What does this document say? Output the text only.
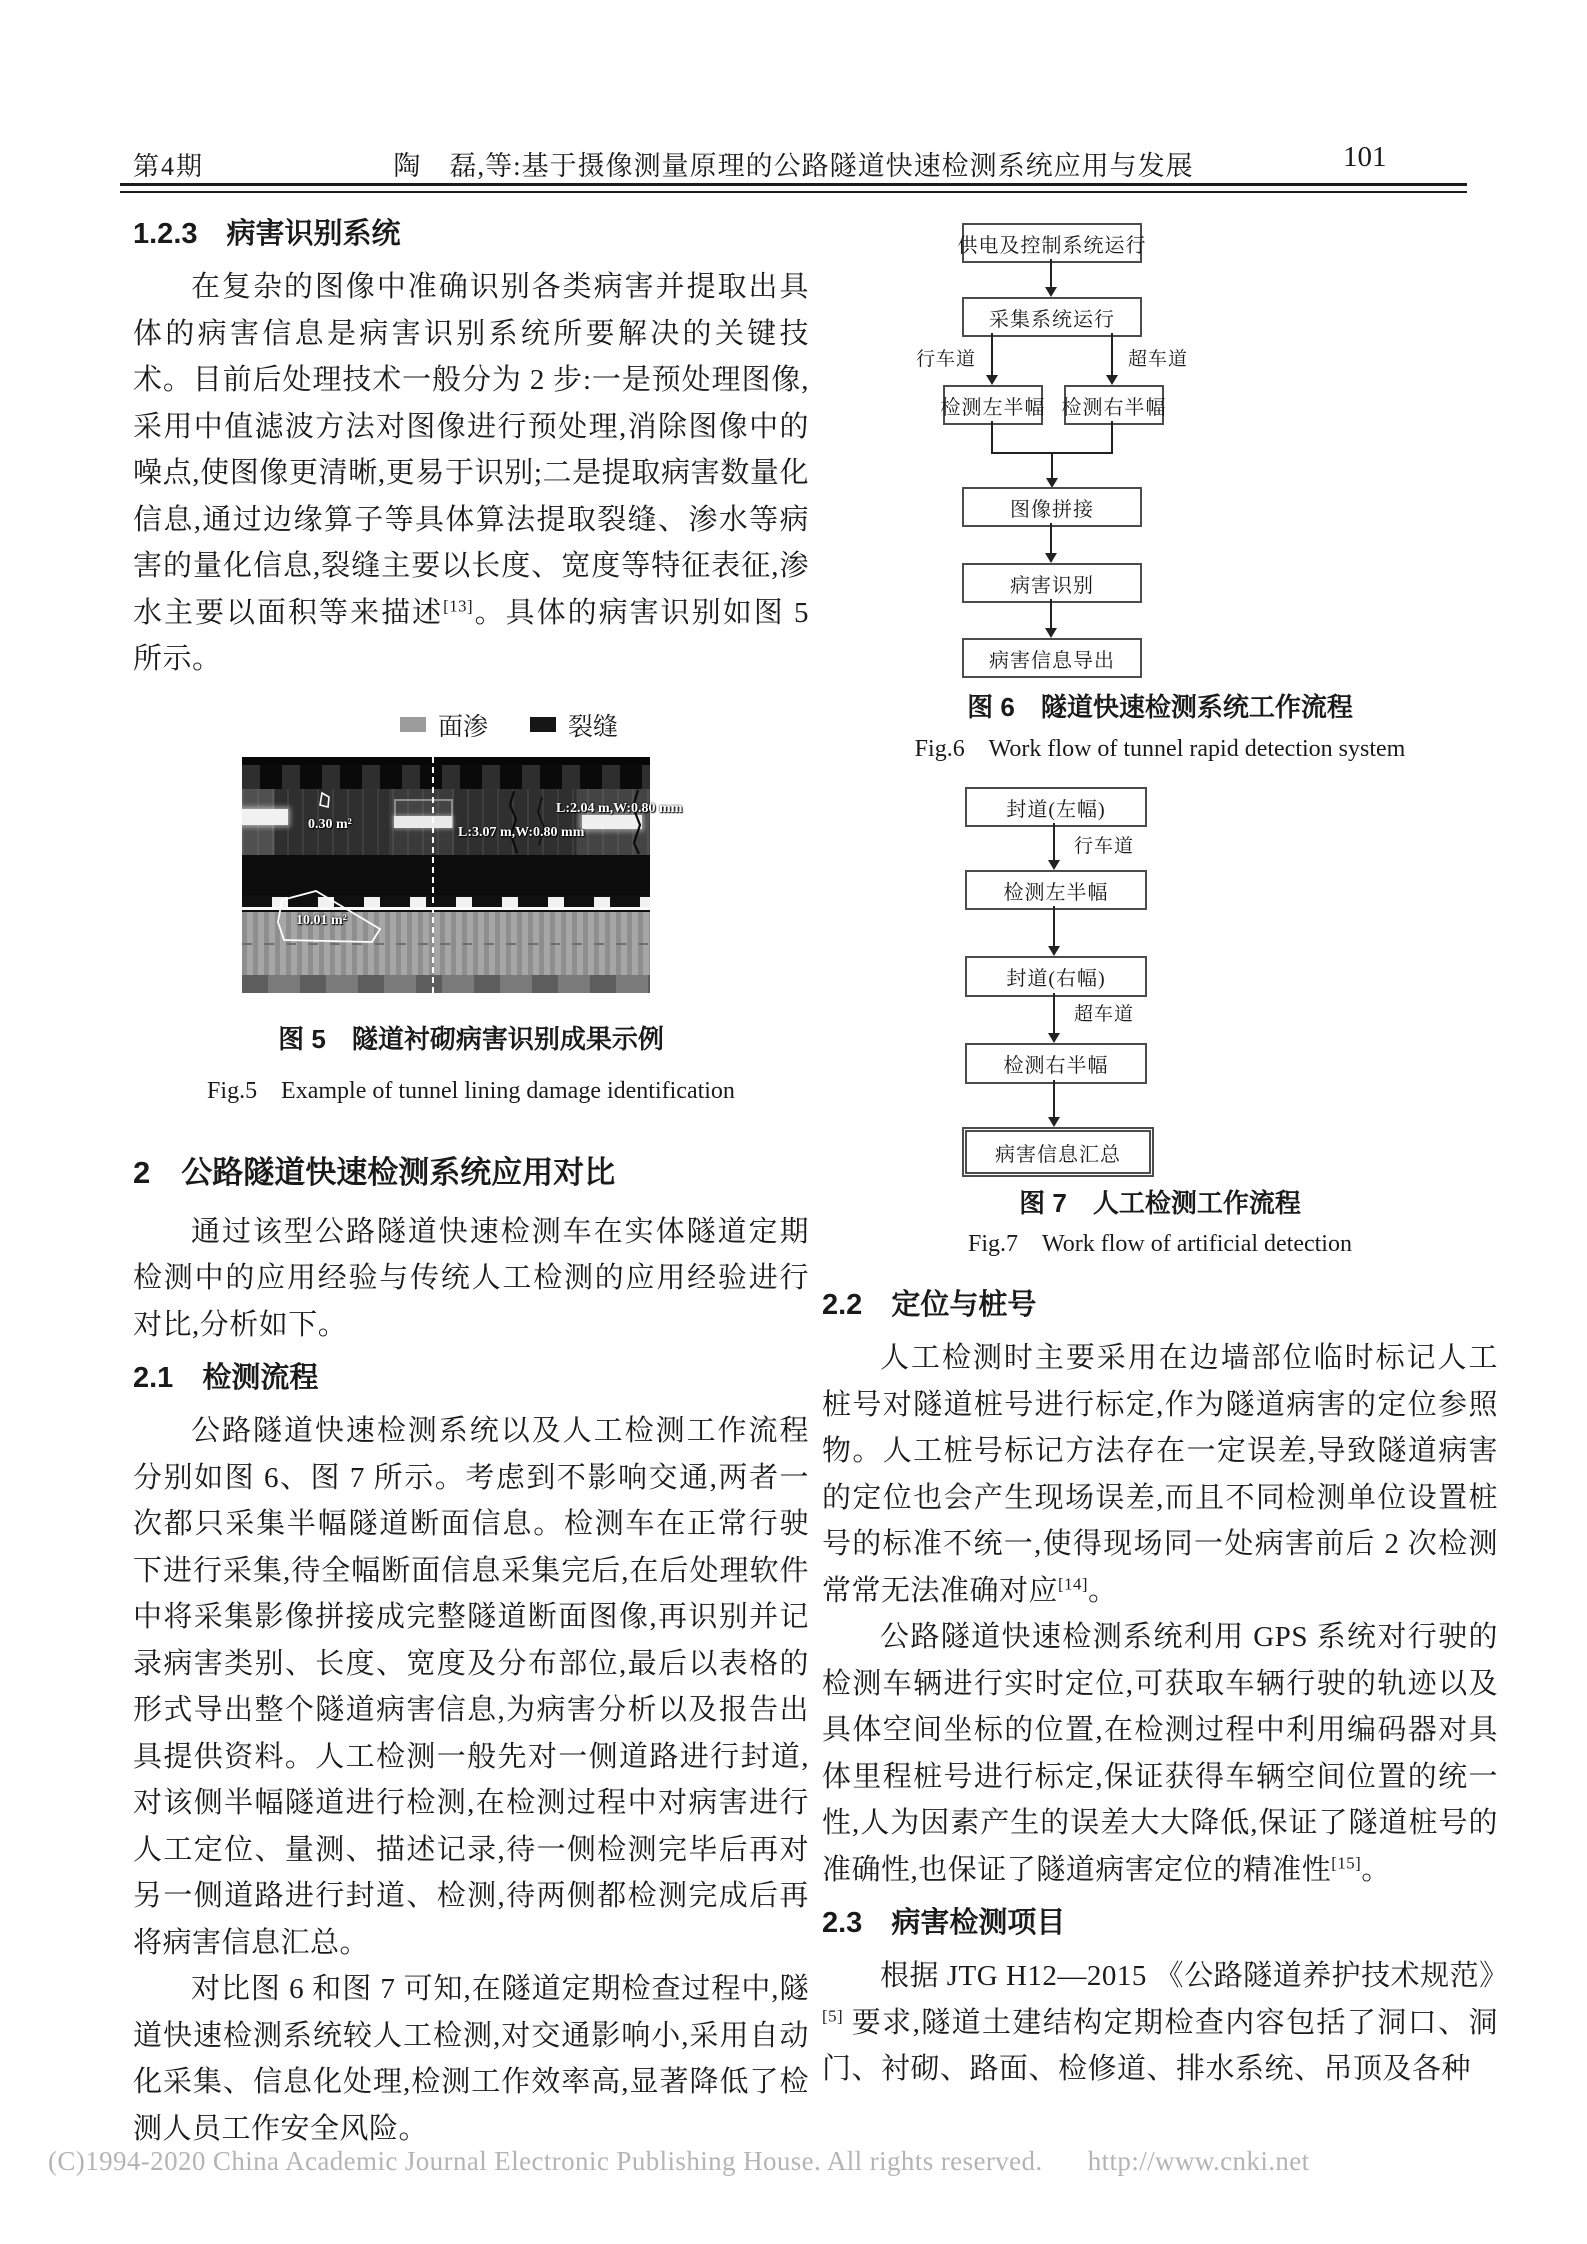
第4期	陶　磊,等:基于摄像测量原理的公路隧道快速检测系统应用与发展	101
1.2.3　病害识别系统

在复杂的图像中准确识别各类病害并提取出具体的病害信息是病害识别系统所要解决的关键技术。目前后处理技术一般分为 2 步:一是预处理图像,采用中值滤波方法对图像进行预处理,消除图像中的噪点,使图像更清晰,更易于识别;二是提取病害数量化信息,通过边缘算子等具体算法提取裂缝、渗水等病害的量化信息,裂缝主要以长度、宽度等特征表征,渗水主要以面积等来描述[13]。具体的病害识别如图 5 所示。

面渗	裂缝
0.30 m²
L:3.07 m,W:0.80 mm
L:2.04 m,W:0.80 mm
10.01 m²

图 5　隧道衬砌病害识别成果示例

Fig.5　Example of tunnel lining damage identification

2　公路隧道快速检测系统应用对比

通过该型公路隧道快速检测车在实体隧道定期检测中的应用经验与传统人工检测的应用经验进行对比,分析如下。

2.1　检测流程

公路隧道快速检测系统以及人工检测工作流程分别如图 6、图 7 所示。考虑到不影响交通,两者一次都只采集半幅隧道断面信息。检测车在正常行驶下进行采集,待全幅断面信息采集完后,在后处理软件中将采集影像拼接成完整隧道断面图像,再识别并记录病害类别、长度、宽度及分布部位,最后以表格的形式导出整个隧道病害信息,为病害分析以及报告出具提供资料。人工检测一般先对一侧道路进行封道,对该侧半幅隧道进行检测,在检测过程中对病害进行人工定位、量测、描述记录,待一侧检测完毕后再对另一侧道路进行封道、检测,待两侧都检测完成后再将病害信息汇总。

对比图 6 和图 7 可知,在隧道定期检查过程中,隧道快速检测系统较人工检测,对交通影响小,采用自动化采集、信息化处理,检测工作效率高,显著降低了检测人员工作安全风险。

供电及控制系统运行
采集系统运行
行车道	超车道
检测左半幅 检测右半幅
图像拼接
病害识别
病害信息导出
图 6　隧道快速检测系统工作流程
Fig.6　Work flow of tunnel rapid detection system
封道(左幅)
行车道
检测左半幅
封道(右幅)
超车道
检测右半幅
病害信息汇总
图 7　人工检测工作流程
Fig.7　Work flow of artificial detection
2.2　定位与桩号

人工检测时主要采用在边墙部位临时标记人工桩号对隧道桩号进行标定,作为隧道病害的定位参照物。人工桩号标记方法存在一定误差,导致隧道病害的定位也会产生现场误差,而且不同检测单位设置桩号的标准不统一,使得现场同一处病害前后 2 次检测常常无法准确对应[14]。

公路隧道快速检测系统利用 GPS 系统对行驶的检测车辆进行实时定位,可获取车辆行驶的轨迹以及具体空间坐标的位置,在检测过程中利用编码器对具体里程桩号进行标定,保证获得车辆空间位置的统一性,人为因素产生的误差大大降低,保证了隧道桩号的准确性,也保证了隧道病害定位的精准性[15]。

2.3　病害检测项目

根据 JTG H12—2015 《公路隧道养护技术规范》[5] 要求,隧道土建结构定期检查内容包括了洞口、洞门、衬砌、路面、检修道、排水系统、吊顶及各种

(C)1994-2020 China Academic Journal Electronic Publishing House. All rights reserved. http://www.cnki.net
